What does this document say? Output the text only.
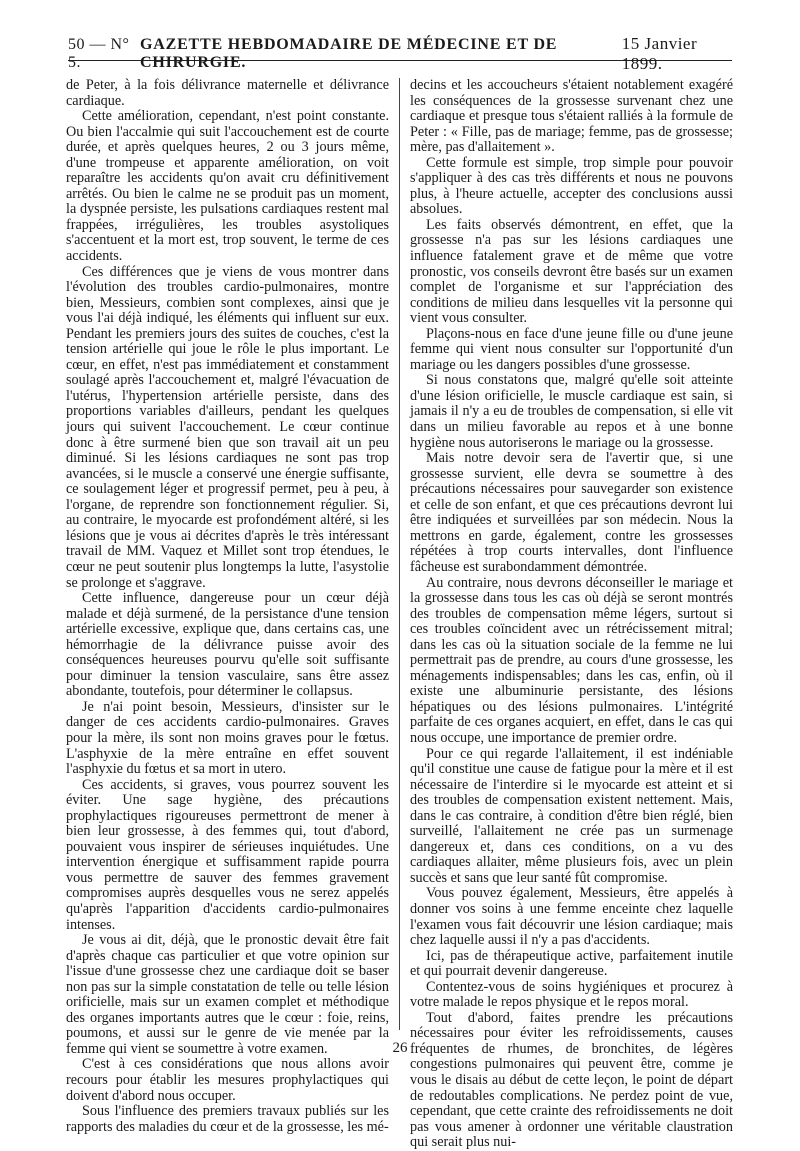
50 — N° 5.
GAZETTE HEBDOMADAIRE DE MÉDECINE ET DE CHIRURGIE.
15 Janvier 1899.

de Peter, à la fois délivrance maternelle et délivrance cardiaque.

Cette amélioration, cependant, n'est point constante. Ou bien l'accalmie qui suit l'accouchement est de courte durée, et après quelques heures, 2 ou 3 jours même, d'une trompeuse et apparente amélioration, on voit reparaître les accidents qu'on avait cru définitivement arrêtés. Ou bien le calme ne se produit pas un moment, la dyspnée persiste, les pulsations cardiaques restent mal frappées, irrégulières, les troubles asystoliques s'accentuent et la mort est, trop souvent, le terme de ces accidents.

Ces différences que je viens de vous montrer dans l'évolution des troubles cardio-pulmonaires, montre bien, Messieurs, combien sont complexes, ainsi que je vous l'ai déjà indiqué, les éléments qui influent sur eux. Pendant les premiers jours des suites de couches, c'est la tension artérielle qui joue le rôle le plus important. Le cœur, en effet, n'est pas immédiatement et constamment soulagé après l'accouchement et, malgré l'évacuation de l'utérus, l'hypertension artérielle persiste, dans des proportions variables d'ailleurs, pendant les quelques jours qui suivent l'accouchement. Le cœur continue donc à être surmené bien que son travail ait un peu diminué. Si les lésions cardiaques ne sont pas trop avancées, si le muscle a conservé une énergie suffisante, ce soulagement léger et progressif permet, peu à peu, à l'organe, de reprendre son fonctionnement régulier. Si, au contraire, le myocarde est profondément altéré, si les lésions que je vous ai décrites d'après le très intéressant travail de MM. Vaquez et Millet sont trop étendues, le cœur ne peut soutenir plus longtemps la lutte, l'asystolie se prolonge et s'aggrave.

Cette influence, dangereuse pour un cœur déjà malade et déjà surmené, de la persistance d'une tension artérielle excessive, explique que, dans certains cas, une hémorrhagie de la délivrance puisse avoir des conséquences heureuses pourvu qu'elle soit suffisante pour diminuer la tension vasculaire, sans être assez abondante, toutefois, pour déterminer le collapsus.

Je n'ai point besoin, Messieurs, d'insister sur le danger de ces accidents cardio-pulmonaires. Graves pour la mère, ils sont non moins graves pour le fœtus. L'asphyxie de la mère entraîne en effet souvent l'asphyxie du fœtus et sa mort in utero.

Ces accidents, si graves, vous pourrez souvent les éviter. Une sage hygiène, des précautions prophylactiques rigoureuses permettront de mener à bien leur grossesse, à des femmes qui, tout d'abord, pouvaient vous inspirer de sérieuses inquiétudes. Une intervention énergique et suffisamment rapide pourra vous permettre de sauver des femmes gravement compromises auprès desquelles vous ne serez appelés qu'après l'apparition d'accidents cardio-pulmonaires intenses.

Je vous ai dit, déjà, que le pronostic devait être fait d'après chaque cas particulier et que votre opinion sur l'issue d'une grossesse chez une cardiaque doit se baser non pas sur la simple constatation de telle ou telle lésion orificielle, mais sur un examen complet et méthodique des organes importants autres que le cœur : foie, reins, poumons, et aussi sur le genre de vie menée par la femme qui vient se soumettre à votre examen.

C'est à ces considérations que nous allons avoir recours pour établir les mesures prophylactiques qui doivent d'abord nous occuper.

Sous l'influence des premiers travaux publiés sur les rapports des maladies du cœur et de la grossesse, les mé-

decins et les accoucheurs s'étaient notablement exagéré les conséquences de la grossesse survenant chez une cardiaque et presque tous s'étaient ralliés à la formule de Peter : « Fille, pas de mariage; femme, pas de grossesse; mère, pas d'allaitement ».

Cette formule est simple, trop simple pour pouvoir s'appliquer à des cas très différents et nous ne pouvons plus, à l'heure actuelle, accepter des conclusions aussi absolues.

Les faits observés démontrent, en effet, que la grossesse n'a pas sur les lésions cardiaques une influence fatalement grave et de même que votre pronostic, vos conseils devront être basés sur un examen complet de l'organisme et sur l'appréciation des conditions de milieu dans lesquelles vit la personne qui vient vous consulter.

Plaçons-nous en face d'une jeune fille ou d'une jeune femme qui vient nous consulter sur l'opportunité d'un mariage ou les dangers possibles d'une grossesse.

Si nous constatons que, malgré qu'elle soit atteinte d'une lésion orificielle, le muscle cardiaque est sain, si jamais il n'y a eu de troubles de compensation, si elle vit dans un milieu favorable au repos et à une bonne hygiène nous autoriserons le mariage ou la grossesse.

Mais notre devoir sera de l'avertir que, si une grossesse survient, elle devra se soumettre à des précautions nécessaires pour sauvegarder son existence et celle de son enfant, et que ces précautions devront lui être indiquées et surveillées par son médecin. Nous la mettrons en garde, également, contre les grossesses répétées à trop courts intervalles, dont l'influence fâcheuse est surabondamment démontrée.

Au contraire, nous devrons déconseiller le mariage et la grossesse dans tous les cas où déjà se seront montrés des troubles de compensation même légers, surtout si ces troubles coïncident avec un rétrécissement mitral; dans les cas où la situation sociale de la femme ne lui permettrait pas de prendre, au cours d'une grossesse, les ménagements indispensables; dans les cas, enfin, où il existe une albuminurie persistante, des lésions hépatiques ou des lésions pulmonaires. L'intégrité parfaite de ces organes acquiert, en effet, dans le cas qui nous occupe, une importance de premier ordre.

Pour ce qui regarde l'allaitement, il est indéniable qu'il constitue une cause de fatigue pour la mère et il est nécessaire de l'interdire si le myocarde est atteint et si des troubles de compensation existent nettement. Mais, dans le cas contraire, à condition d'être bien réglé, bien surveillé, l'allaitement ne crée pas un surmenage dangereux et, dans ces conditions, on a vu des cardiaques allaiter, même plusieurs fois, avec un plein succès et sans que leur santé fût compromise.

Vous pouvez également, Messieurs, être appelés à donner vos soins à une femme enceinte chez laquelle l'examen vous fait découvrir une lésion cardiaque; mais chez laquelle aussi il n'y a pas d'accidents.

Ici, pas de thérapeutique active, parfaitement inutile et qui pourrait devenir dangereuse.

Contentez-vous de soins hygiéniques et procurez à votre malade le repos physique et le repos moral.

Tout d'abord, faites prendre les précautions nécessaires pour éviter les refroidissements, causes fréquentes de rhumes, de bronchites, de légères congestions pulmonaires qui peuvent être, comme je vous le disais au début de cette leçon, le point de départ de redoutables complications. Ne perdez point de vue, cependant, que cette crainte des refroidissements ne doit pas vous amener à ordonner une véritable claustration qui serait plus nui-

26
